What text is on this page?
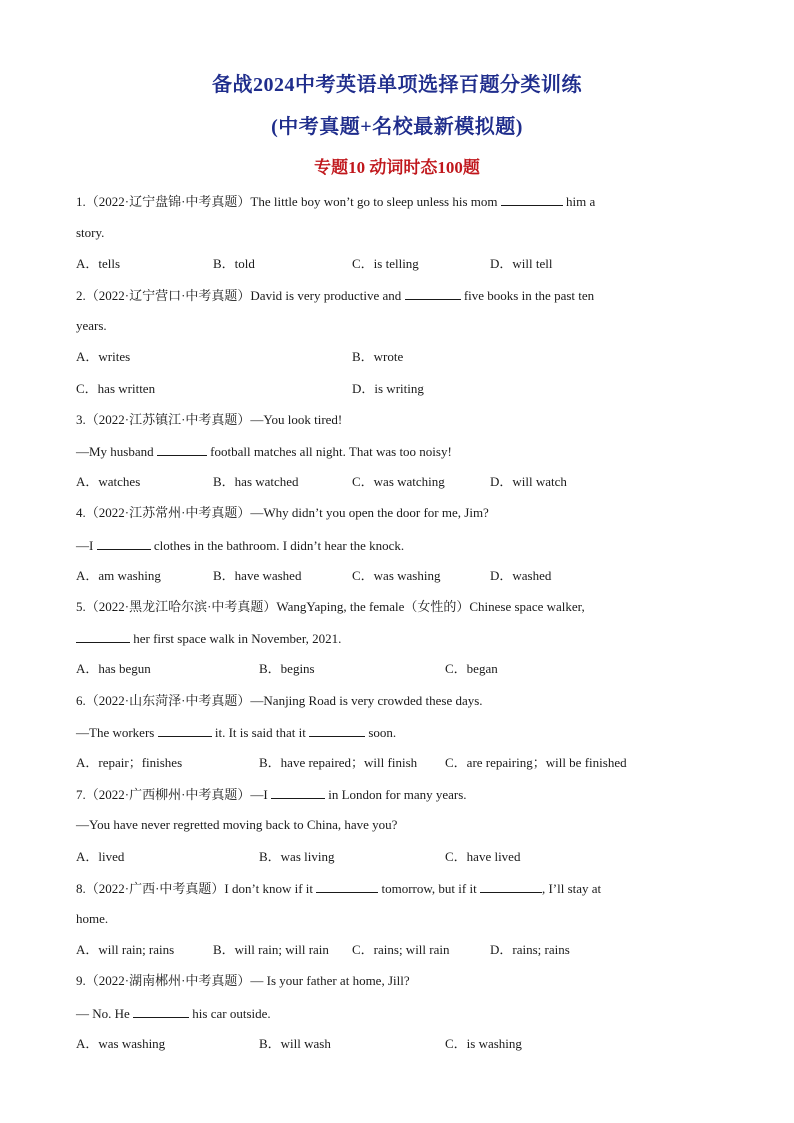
备战2024中考英语单项选择百题分类训练
(中考真题+名校最新模拟题)
专题10 动词时态100题
1.（2022·辽宁盘锦·中考真题）The little boy won’t go to sleep unless his mom	him a
story.
A．tells	B．told	C．is telling	D．will tell
2.（2022·辽宁营口·中考真题）David is very productive and	five books in the past ten
years.
A．writes	B．wrote
C．has written	D．is writing
3.（2022·江苏镇江·中考真题）—You look tired!
—My husband	football matches all night. That was too noisy!
A．watches	B．has watched	C．was watching	D．will watch
4.（2022·江苏常州·中考真题）—Why didn’t you open the door for me, Jim?
—I	clothes in the bathroom. I didn’t hear the knock.
A．am washing	B．have washed	C．was washing	D．washed
5.（2022·黑龙江哈尔滨·中考真题）WangYaping, the female（女性的）Chinese space walker,
her first space walk in November, 2021.
A．has begun	B．begins	C．began
6.（2022·山东菏泽·中考真题）—Nanjing Road is very crowded these days.
—The workers	it. It is said that it	soon.
A．repair；finishes	B．have repaired；will finish C．are repairing；will be finished
7.（2022·广西柳州·中考真题）—I	in London for many years.
—You have never regretted moving back to China, have you?
A．lived	B．was living	C．have lived
8.（2022·广西·中考真题）I don’t know if it	tomorrow, but if it	, I’ll stay at
home.
A．will rain; rains	B．will rain; will rain C．rains; will rain	D．rains; rains
9.（2022·湖南郴州·中考真题）— Is your father at home, Jill?
— No. He	his car outside.
A．was washing	B．will wash	C．is washing
